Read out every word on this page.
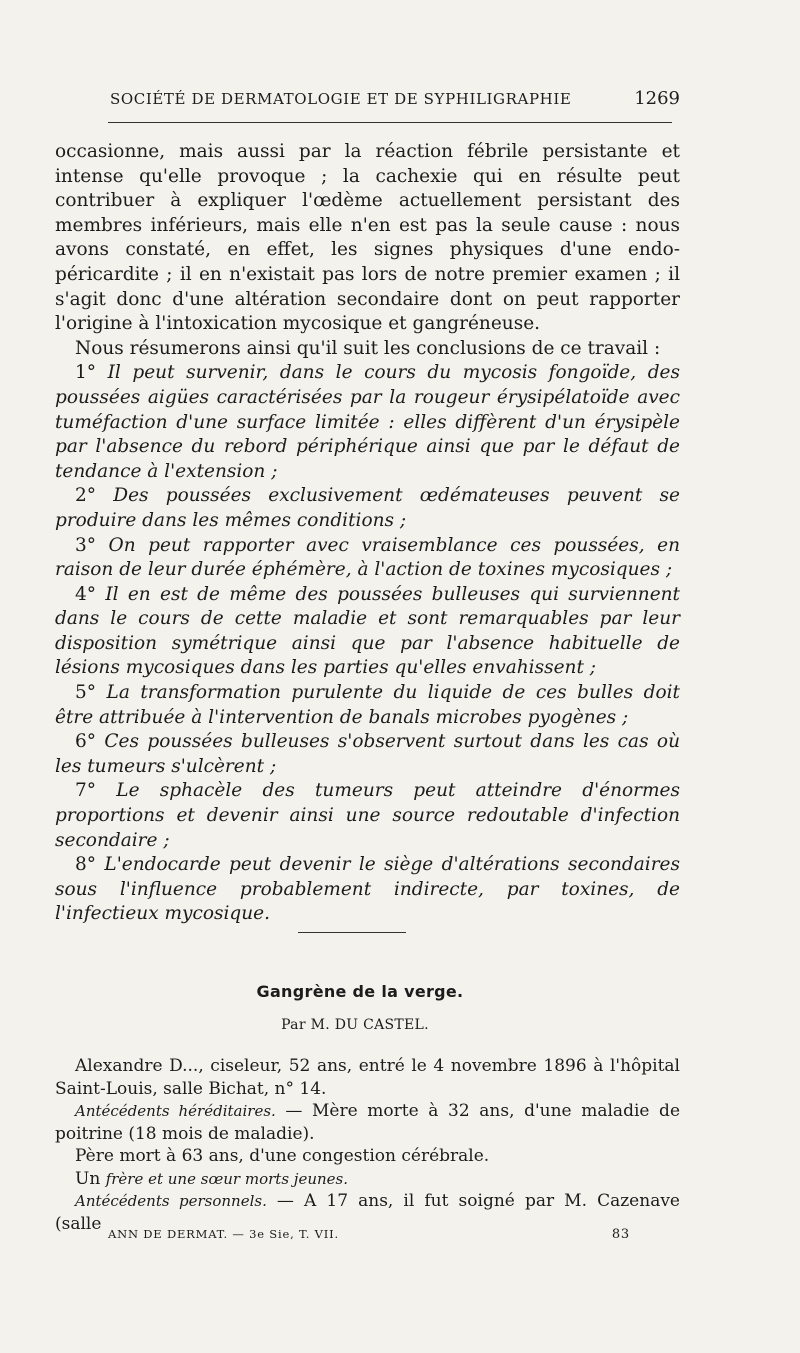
SOCIÉTÉ DE DERMATOLOGIE ET DE SYPHILIGRAPHIE	1269

occasionne, mais aussi par la réaction fébrile persistante et intense qu'elle provoque ; la cachexie qui en résulte peut contribuer à expliquer l'œdème actuellement persistant des membres inférieurs, mais elle n'en est pas la seule cause : nous avons constaté, en effet, les signes physiques d'une endo-péricardite ; il en n'existait pas lors de notre premier examen ; il s'agit donc d'une altération secondaire dont on peut rapporter l'origine à l'intoxication mycosique et gangréneuse.

Nous résumerons ainsi qu'il suit les conclusions de ce travail :

1° Il peut survenir, dans le cours du mycosis fongoïde, des poussées aigües caractérisées par la rougeur érysipélatoïde avec tuméfaction d'une surface limitée : elles diffèrent d'un érysipèle par l'absence du rebord périphérique ainsi que par le défaut de tendance à l'extension ;

2° Des poussées exclusivement œdémateuses peuvent se produire dans les mêmes conditions ;

3° On peut rapporter avec vraisemblance ces poussées, en raison de leur durée éphémère, à l'action de toxines mycosiques ;

4° Il en est de même des poussées bulleuses qui surviennent dans le cours de cette maladie et sont remarquables par leur disposition symétrique ainsi que par l'absence habituelle de lésions mycosiques dans les parties qu'elles envahissent ;

5° La transformation purulente du liquide de ces bulles doit être attribuée à l'intervention de banals microbes pyogènes ;

6° Ces poussées bulleuses s'observent surtout dans les cas où les tumeurs s'ulcèrent ;

7° Le sphacèle des tumeurs peut atteindre d'énormes proportions et devenir ainsi une source redoutable d'infection secondaire ;

8° L'endocarde peut devenir le siège d'altérations secondaires sous l'influence probablement indirecte, par toxines, de l'infectieux mycosique.

Gangrène de la verge.
Par M. DU CASTEL.

Alexandre D..., ciseleur, 52 ans, entré le 4 novembre 1896 à l'hôpital Saint-Louis, salle Bichat, n° 14.

Antécédents héréditaires. — Mère morte à 32 ans, d'une maladie de poitrine (18 mois de maladie).

Père mort à 63 ans, d'une congestion cérébrale.

Un frère et une sœur morts jeunes.

Antécédents personnels. — A 17 ans, il fut soigné par M. Cazenave (salle

ANN DE DERMAT. — 3e Sie, T. VII.	83
